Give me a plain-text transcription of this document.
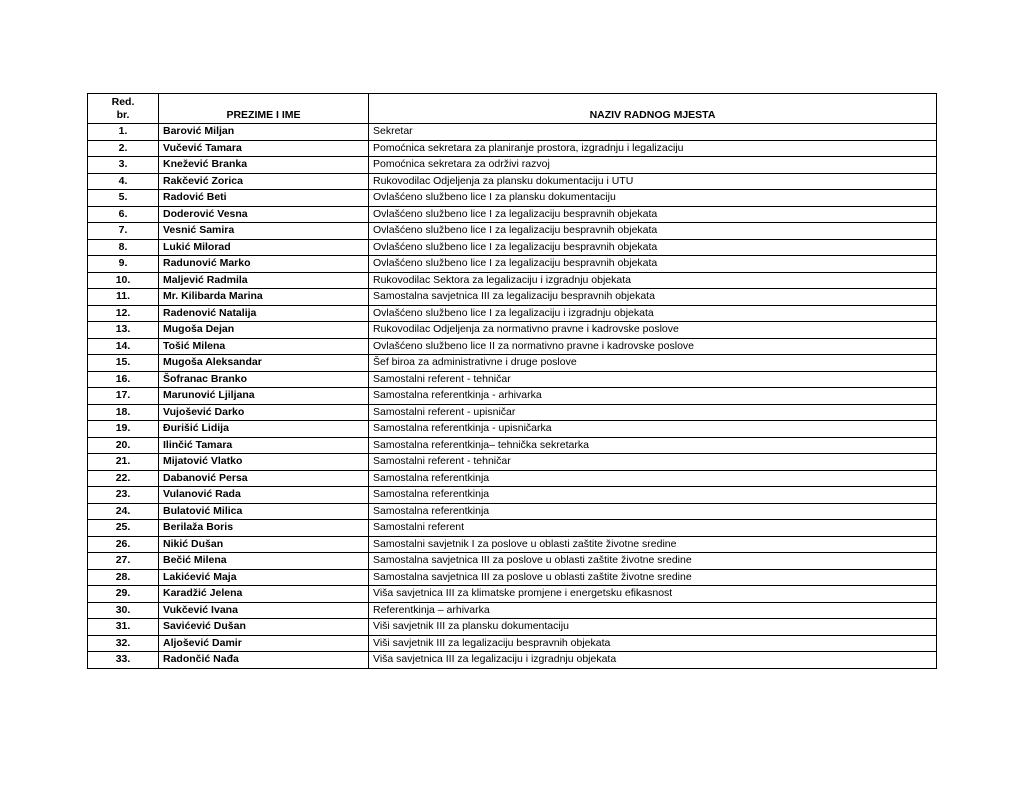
Red.
br.	PREZIME I IME	NAZIV RADNOG MJESTA
1.	Barović Miljan	Sekretar
2.	Vučević Tamara	Pomoćnica sekretara za planiranje prostora, izgradnju i legalizaciju
3.	Knežević Branka	Pomoćnica sekretara za održivi razvoj
4.	Rakčević Zorica	Rukovodilac Odjeljenja za plansku dokumentaciju i UTU
5.	Radović Beti	Ovlašćeno službeno lice I za plansku dokumentaciju
6.	Doderović Vesna	Ovlašćeno službeno lice I za legalizaciju bespravnih objekata
7.	Vesnić Samira	Ovlašćeno službeno lice I za legalizaciju bespravnih objekata
8.	Lukić Milorad	Ovlašćeno službeno lice I za legalizaciju bespravnih objekata
9.	Radunović Marko	Ovlašćeno službeno lice I za legalizaciju bespravnih objekata
10.	Maljević Radmila	Rukovodilac Sektora za legalizaciju i izgradnju objekata
11.	Mr. Kilibarda Marina	Samostalna savjetnica III za legalizaciju bespravnih objekata
12.	Radenović Natalija	Ovlašćeno službeno lice I za legalizaciju i izgradnju objekata
13.	Mugoša Dejan	Rukovodilac Odjeljenja za normativno pravne i kadrovske poslove
14.	Tošić Milena	Ovlašćeno službeno lice II za normativno pravne i kadrovske poslove
15.	Mugoša Aleksandar	Šef biroa za administrativne i druge poslove
16.	Šofranac Branko	Samostalni referent - tehničar
17.	Marunović Ljiljana	Samostalna referentkinja - arhivarka
18.	Vujošević Darko	Samostalni referent - upisničar
19.	Đurišić Lidija	Samostalna referentkinja - upisničarka
20.	Ilinčić Tamara	Samostalna referentkinja– tehnička sekretarka
21.	Mijatović Vlatko	Samostalni referent - tehničar
22.	Dabanović Persa	Samostalna referentkinja
23.	Vulanović Rada	Samostalna referentkinja
24.	Bulatović Milica	Samostalna referentkinja
25.	Berilaža Boris	Samostalni referent
26.	Nikić Dušan	Samostalni savjetnik I za poslove u oblasti zaštite životne sredine
27.	Bečić Milena	Samostalna savjetnica III za poslove u oblasti zaštite životne sredine
28.	Lakićević Maja	Samostalna savjetnica III za poslove u oblasti zaštite životne sredine
29.	Karadžić Jelena	Viša savjetnica III za klimatske promjene i energetsku efikasnost
30.	Vukčević Ivana	Referentkinja – arhivarka
31.	Savićević Dušan	Viši savjetnik III za plansku dokumentaciju
32.	Aljošević Damir	Viši savjetnik III za legalizaciju bespravnih objekata
33.	Radončić Nađa	Viša savjetnica III za legalizaciju i izgradnju objekata
